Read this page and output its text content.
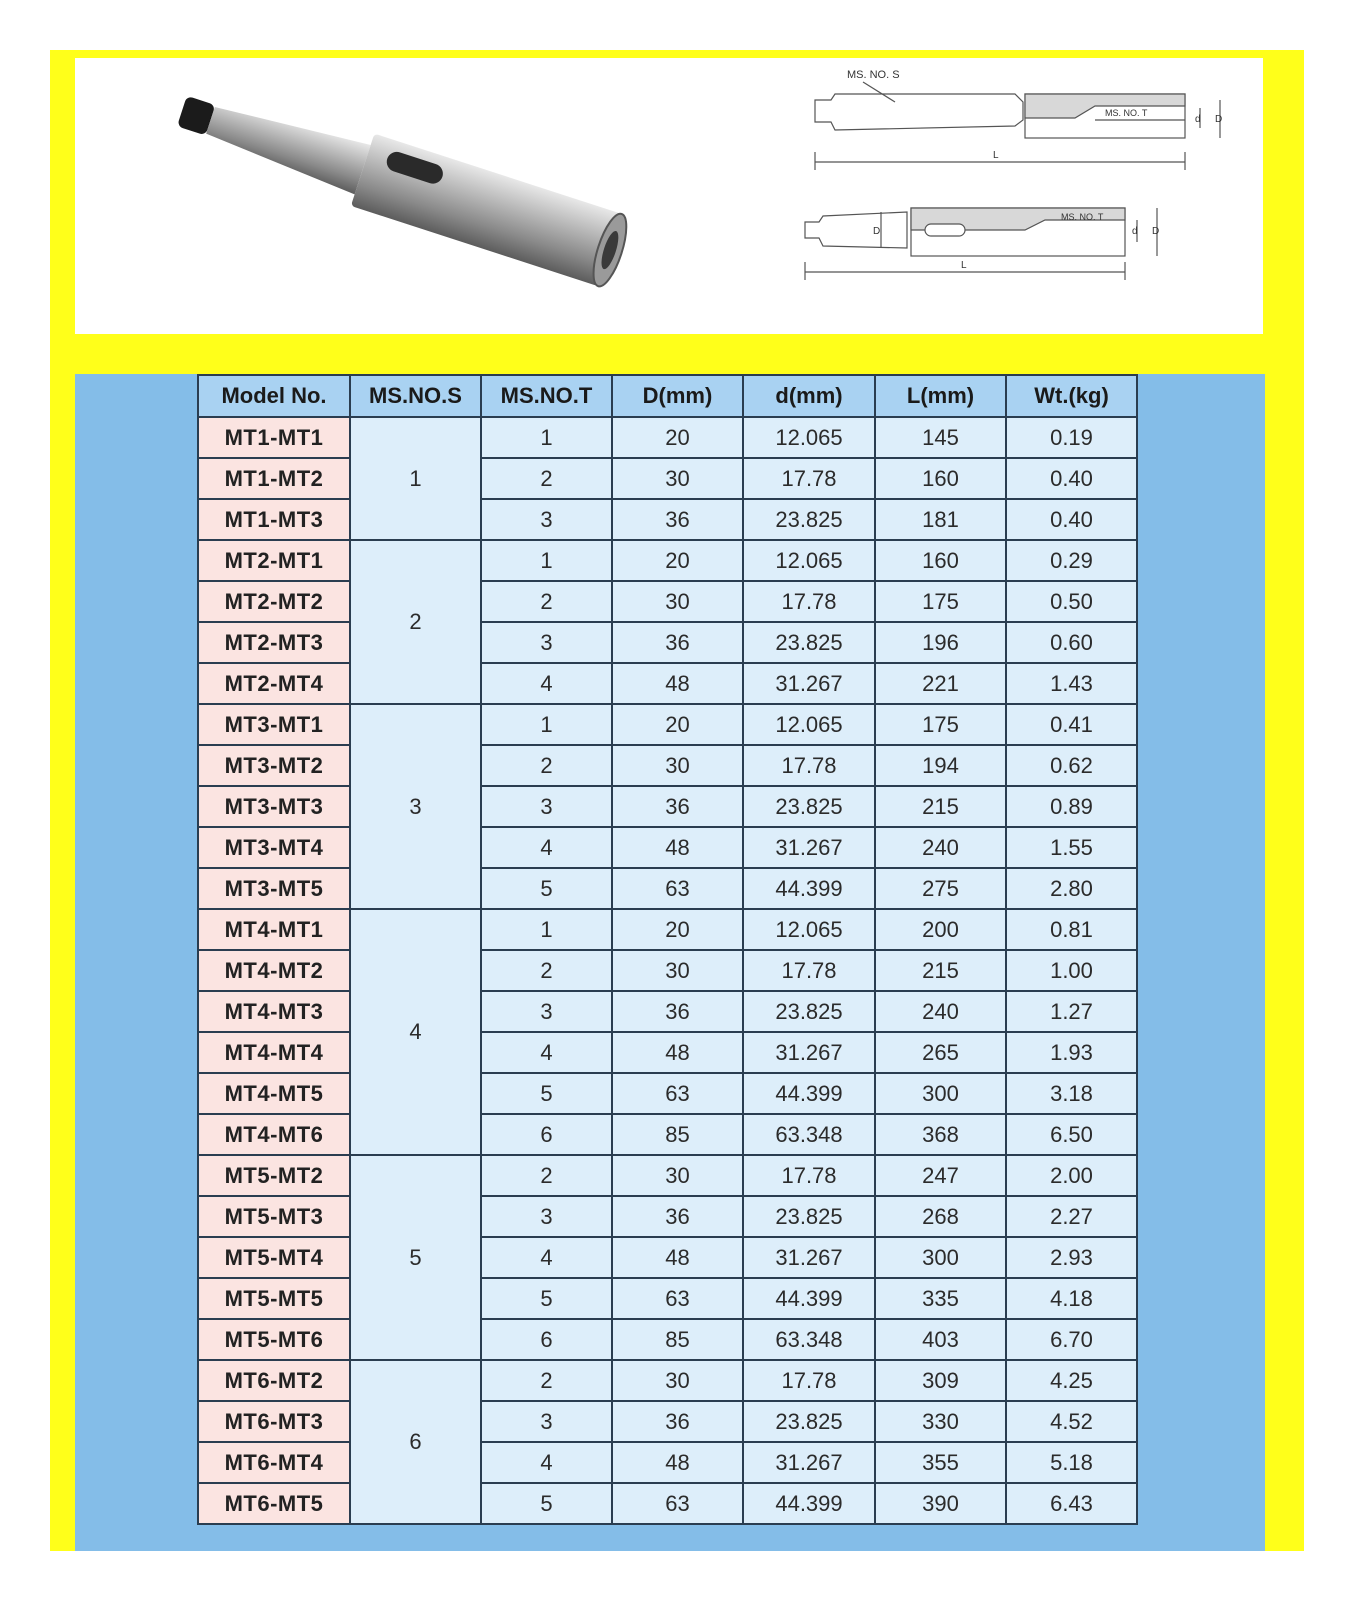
MS. NO. S
MS. NO. T
d D
L
MS. NO. T
d D
D
L
Model No.	MS.NO.S	MS.NO.T	D(mm)	d(mm)	L(mm)	Wt.(kg)
MT1-MT1	1	1	20	12.065	145	0.19
MT1-MT2		2	30	17.78	160	0.40
MT1-MT3		3	36	23.825	181	0.40
MT2-MT1	2	1	20	12.065	160	0.29
MT2-MT2		2	30	17.78	175	0.50
MT2-MT3		3	36	23.825	196	0.60
MT2-MT4		4	48	31.267	221	1.43
MT3-MT1	3	1	20	12.065	175	0.41
MT3-MT2		2	30	17.78	194	0.62
MT3-MT3		3	36	23.825	215	0.89
MT3-MT4		4	48	31.267	240	1.55
MT3-MT5		5	63	44.399	275	2.80
MT4-MT1	4	1	20	12.065	200	0.81
MT4-MT2		2	30	17.78	215	1.00
MT4-MT3		3	36	23.825	240	1.27
MT4-MT4		4	48	31.267	265	1.93
MT4-MT5		5	63	44.399	300	3.18
MT4-MT6		6	85	63.348	368	6.50
MT5-MT2	5	2	30	17.78	247	2.00
MT5-MT3		3	36	23.825	268	2.27
MT5-MT4		4	48	31.267	300	2.93
MT5-MT5		5	63	44.399	335	4.18
MT5-MT6		6	85	63.348	403	6.70
MT6-MT2	6	2	30	17.78	309	4.25
MT6-MT3		3	36	23.825	330	4.52
MT6-MT4		4	48	31.267	355	5.18
MT6-MT5		5	63	44.399	390	6.43
